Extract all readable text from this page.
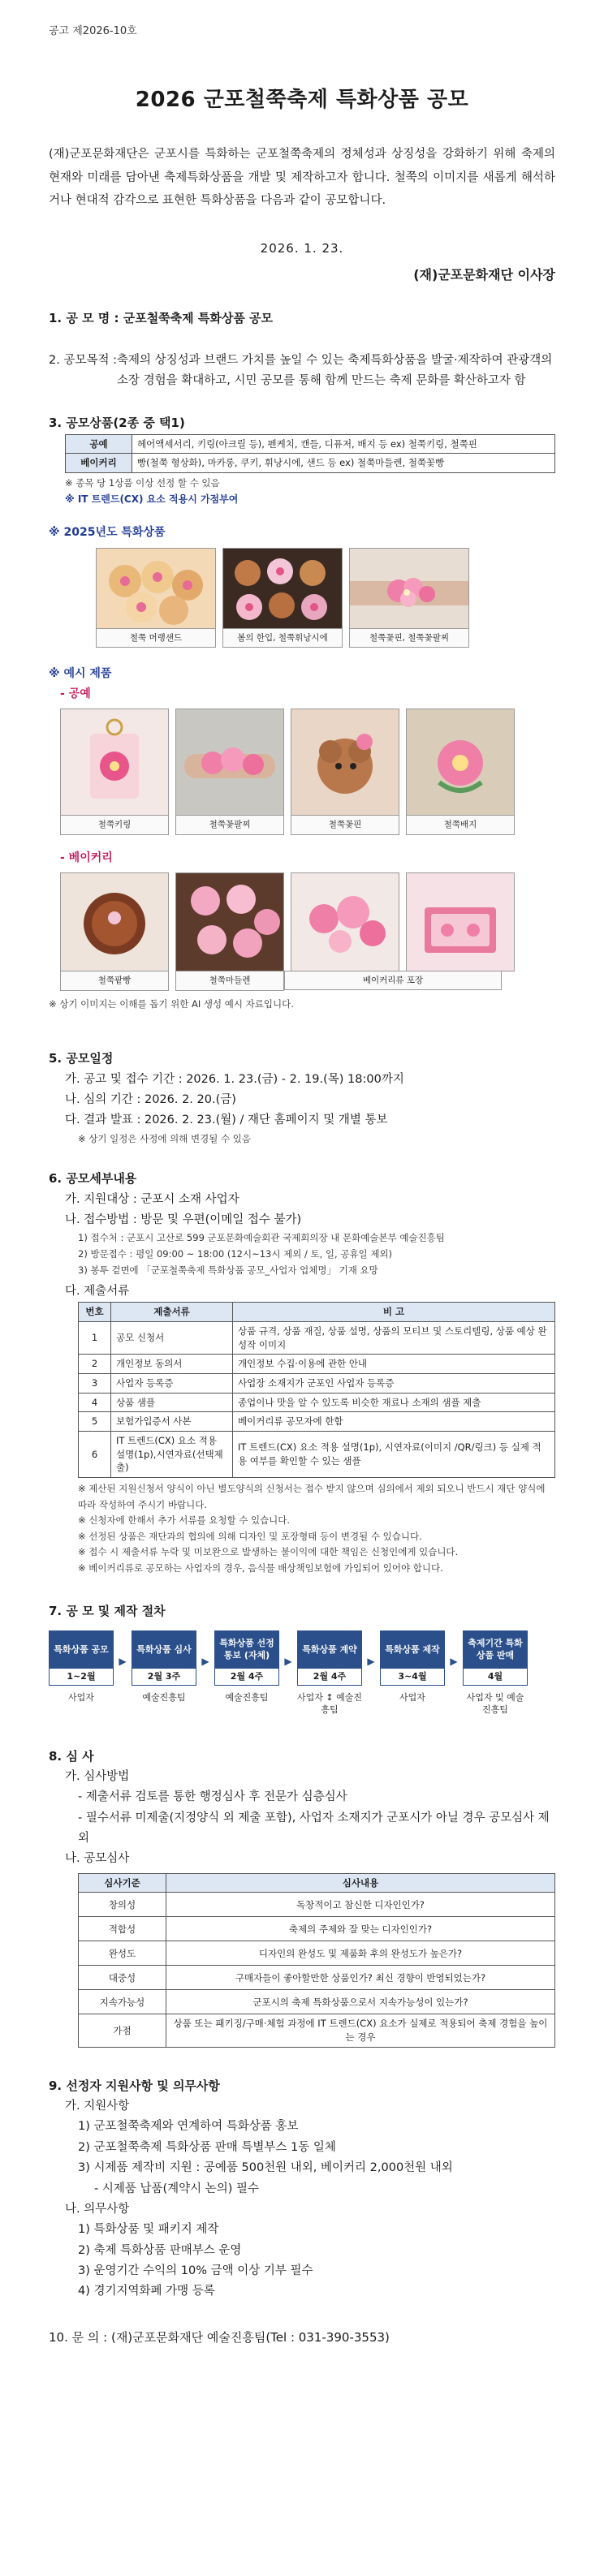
공고 제2026-10호
2026 군포철쭉축제 특화상품 공모

(재)군포문화재단은 군포시를 특화하는 군포철쭉축제의 정체성과 상징성을 강화하기 위해 축제의 현재와 미래를 담아낸 축제특화상품을 개발 및 제작하고자 합니다. 철쭉의 이미지를 새롭게 해석하거나 현대적 감각으로 표현한 특화상품을 다음과 같이 공모합니다.

2026. 1. 23.
(재)군포문화재단 이사장
1. 공 모 명 : 군포철쭉축제 특화상품 공모
2. 공모목적 : 축제의 상징성과 브랜드 가치를 높일 수 있는 축제특화상품을 발굴·제작하여 관광객의 소장 경험을 확대하고, 시민 공모를 통해 함께 만드는 축제 문화를 확산하고자 함
3. 공모상품(2종 중 택1)
공예	헤어액세서리, 키링(아크릴 등), 펜케치, 캔들, 디퓨저, 배지 등 ex) 철쭉키링, 철쭉핀
베이커리	빵(철쭉 형상화), 마카롱, 쿠키, 휘낭시에, 샌드 등 ex) 철쭉마들렌, 철쭉꽃빵
※ 종목 당 1상품 이상 선정 할 수 있음
※ IT 트렌드(CX) 요소 적용시 가점부여
※ 2025년도 특화상품
철쭉 머랭샌드	봄의 한입, 철쭉휘낭시에	철쭉꽃핀, 철쭉꽃팔찌
※ 예시 제품
- 공예
철쭉키링	철쭉꽃팔찌	철쭉꽃핀	철쭉배지
- 베이커리
철쭉팥빵	철쭉마들렌	베이커리류 포장
※ 상기 이미지는 이해를 돕기 위한 AI 생성 예시 자료입니다.
5. 공모일정
가. 공고 및 접수 기간 : 2026. 1. 23.(금) - 2. 19.(목) 18:00까지
나. 심의 기간 : 2026. 2. 20.(금)
다. 결과 발표 : 2026. 2. 23.(월) / 재단 홈페이지 및 개별 통보
※ 상기 일정은 사정에 의해 변경될 수 있음
6. 공모세부내용
가. 지원대상 : 군포시 소재 사업자
나. 접수방법 : 방문 및 우편(이메일 접수 불가)
1) 접수처 : 군포시 고산로 599 군포문화예술회관 국제회의장 내 문화예술본부 예술진흥팀
2) 방문접수 : 평일 09:00 ~ 18:00 (12시~13시 제외 / 토, 일, 공휴일 제외)
3) 봉투 겉면에 「군포철쭉축제 특화상품 공모_사업자 업체명」 기재 요망
다. 제출서류
번호	제출서류	비 고
1	공모 신청서	상품 규격, 상품 재질, 상품 설명, 상품의 모티브 및 스토리텔링, 상품 예상 완성작 이미지
2	개인정보 동의서	개인정보 수집·이용에 관한 안내
3	사업자 등록증	사업장 소재지가 군포인 사업자 등록증
4	상품 샘플	종업이나 맛을 알 수 있도록 비슷한 재료나 소재의 샘플 제출
5	보험가입증서 사본	베이커리류 공모자에 한함
6	IT 트렌드(CX) 요소 적용 설명(1p),시연자료(선택제출)	IT 트렌드(CX) 요소 적용 설명(1p), 시연자료(이미지 /QR/링크) 등 실제 적용 여부를 확인할 수 있는 샘플
※ 제산된 지원신청서 양식이 아닌 별도양식의 신청서는 접수 받지 않으며 심의에서 제외 되오니 반드시 재단 양식에 따라 작성하여 주시기 바랍니다.
※ 신청자에 한해서 추가 서류를 요청할 수 있습니다.
※ 선정된 상품은 재단과의 협의에 의해 디자인 및 포장형태 등이 변경될 수 있습니다.
※ 접수 시 제출서류 누락 및 미보완으로 발생하는 불이익에 대한 책임은 신청인에게 있습니다.
※ 베이커리류로 공모하는 사업자의 경우, 음식물 배상책임보험에 가입되어 있어야 합니다.
7. 공 모 및 제작 절차
특화상품 공모
1~2월
사업자
▶
특화상품 심사
2월 3주
예술진흥팀
▶
특화상품 선정 통보 (자체)
2월 4주
예술진흥팀
▶
특화상품 계약
2월 4주
사업자 ↕ 예술진흥팀
▶
특화상품 제작
3~4월
사업자
▶
축제기간 특화상품 판매
4월
사업자 및 예술진흥팀
8. 심 사
가. 심사방법
- 제출서류 검토를 통한 행정심사 후 전문가 심층심사
- 필수서류 미제출(지정양식 외 제출 포함), 사업자 소재지가 군포시가 아닐 경우 공모심사 제외
나. 공모심사
심사기준	심사내용
창의성	독창적이고 참신한 디자인인가?
적합성	축제의 주제와 잘 맞는 디자인인가?
완성도	디자인의 완성도 및 제품화 후의 완성도가 높은가?
대중성	구매자들이 좋아할만한 상품인가? 최신 경향이 반영되었는가?
지속가능성	군포시의 축제 특화상품으로서 지속가능성이 있는가?
가점	상품 또는 패키징/구매·체험 과정에 IT 트렌드(CX) 요소가 실제로 적용되어 축제 경험을 높이는 경우
9. 선정자 지원사항 및 의무사항
가. 지원사항
1) 군포철쭉축제와 연계하여 특화상품 홍보
2) 군포철쭉축제 특화상품 판매 특별부스 1동 일체
3) 시제품 제작비 지원 : 공예품 500천원 내외, 베이커리 2,000천원 내외
- 시제품 납품(계약시 논의) 필수
나. 의무사항
1) 특화상품 및 패키지 제작
2) 축제 특화상품 판매부스 운영
3) 운영기간 수익의 10% 금액 이상 기부 필수
4) 경기지역화폐 가맹 등록
10. 문 의 : (재)군포문화재단 예술진흥팀(Tel : 031-390-3553)
